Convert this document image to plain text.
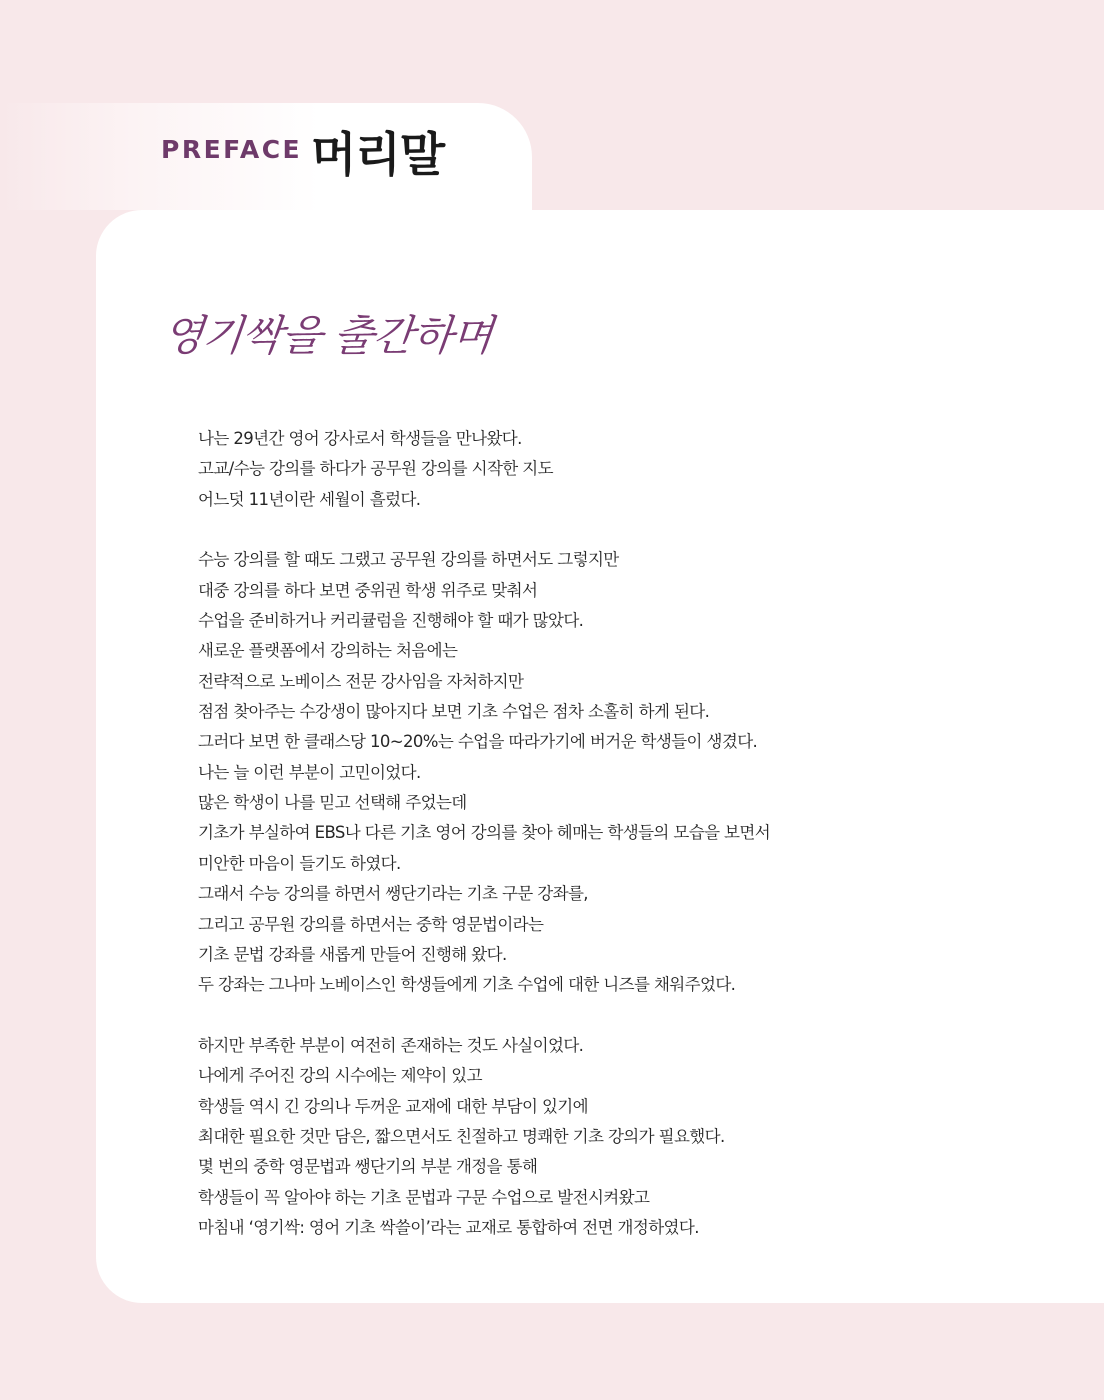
PREFACE 머리말
영기싹을 출간하며

나는 29년간 영어 강사로서 학생들을 만나왔다.

고교/수능 강의를 하다가 공무원 강의를 시작한 지도

어느덧 11년이란 세월이 흘렀다.

수능 강의를 할 때도 그랬고 공무원 강의를 하면서도 그렇지만

대중 강의를 하다 보면 중위권 학생 위주로 맞춰서

수업을 준비하거나 커리큘럼을 진행해야 할 때가 많았다.

새로운 플랫폼에서 강의하는 처음에는

전략적으로 노베이스 전문 강사임을 자처하지만

점점 찾아주는 수강생이 많아지다 보면 기초 수업은 점차 소홀히 하게 된다.

그러다 보면 한 클래스당 10~20%는 수업을 따라가기에 버거운 학생들이 생겼다.

나는 늘 이런 부분이 고민이었다.

많은 학생이 나를 믿고 선택해 주었는데

기초가 부실하여 EBS나 다른 기초 영어 강의를 찾아 헤매는 학생들의 모습을 보면서

미안한 마음이 들기도 하였다.

그래서 수능 강의를 하면서 쌩단기라는 기초 구문 강좌를,

그리고 공무원 강의를 하면서는 중학 영문법이라는

기초 문법 강좌를 새롭게 만들어 진행해 왔다.

두 강좌는 그나마 노베이스인 학생들에게 기초 수업에 대한 니즈를 채워주었다.

하지만 부족한 부분이 여전히 존재하는 것도 사실이었다.

나에게 주어진 강의 시수에는 제약이 있고

학생들 역시 긴 강의나 두꺼운 교재에 대한 부담이 있기에

최대한 필요한 것만 담은, 짧으면서도 친절하고 명쾌한 기초 강의가 필요했다.

몇 번의 중학 영문법과 쌩단기의 부분 개정을 통해

학생들이 꼭 알아야 하는 기초 문법과 구문 수업으로 발전시켜왔고

마침내 ‘영기싹: 영어 기초 싹쓸이’라는 교재로 통합하여 전면 개정하였다.
